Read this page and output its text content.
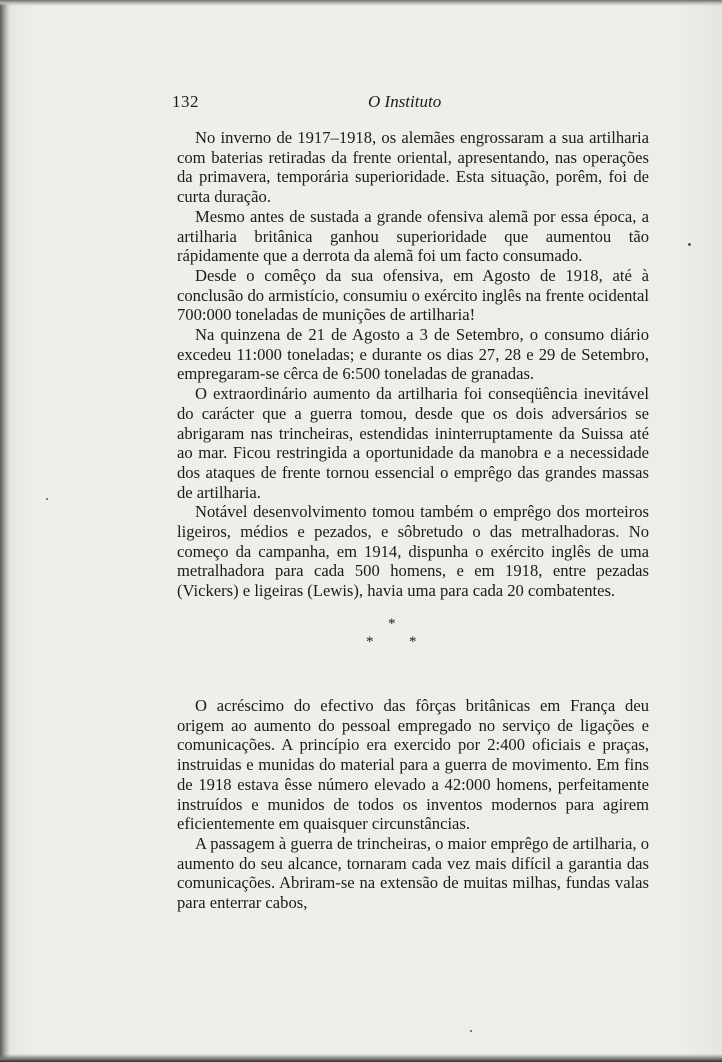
132	O Instituto

No inverno de 1917–1918, os alemães engrossaram a sua artilharia com baterias retiradas da frente oriental, apresentando, nas operações da primavera, temporária superioridade. Esta situação, porêm, foi de curta duração.

Mesmo antes de sustada a grande ofensiva alemã por essa época, a artilharia britânica ganhou superioridade que aumentou tão rápidamente que a derrota da alemã foi um facto consumado.

Desde o comêço da sua ofensiva, em Agosto de 1918, até à conclusão do armistício, consumiu o exército inglês na frente ocidental 700:000 toneladas de munições de artilharia!

Na quinzena de 21 de Agosto a 3 de Setembro, o consumo diário excedeu 11:000 toneladas; e durante os dias 27, 28 e 29 de Setembro, empregaram-se cêrca de 6:500 toneladas de granadas.

O extraordinário aumento da artilharia foi conseqüência inevitável do carácter que a guerra tomou, desde que os dois adversários se abrigaram nas trincheiras, estendidas ininterruptamente da Suissa até ao mar. Ficou restringida a oportunidade da manobra e a necessidade dos ataques de frente tornou essencial o emprêgo das grandes massas de artilharia.

Notável desenvolvimento tomou também o emprêgo dos morteiros ligeiros, médios e pezados, e sôbretudo o das metralhadoras. No começo da campanha, em 1914, dispunha o exército inglês de uma metralhadora para cada 500 homens, e em 1918, entre pezadas (Vickers) e ligeiras (Lewis), havia uma para cada 20 combatentes.

*
* *

O acréscimo do efectivo das fôrças britânicas em França deu origem ao aumento do pessoal empregado no serviço de ligações e comunicações. A princípio era exercido por 2:400 oficiais e praças, instruidas e munidas do material para a guerra de movimento. Em fins de 1918 estava êsse número elevado a 42:000 homens, perfeitamente instruídos e munidos de todos os inventos modernos para agirem eficientemente em quaisquer circunstâncias.

A passagem à guerra de trincheiras, o maior emprêgo de artilharia, o aumento do seu alcance, tornaram cada vez mais difícil a garantia das comunicações. Abriram-se na extensão de muitas milhas, fundas valas para enterrar cabos,
